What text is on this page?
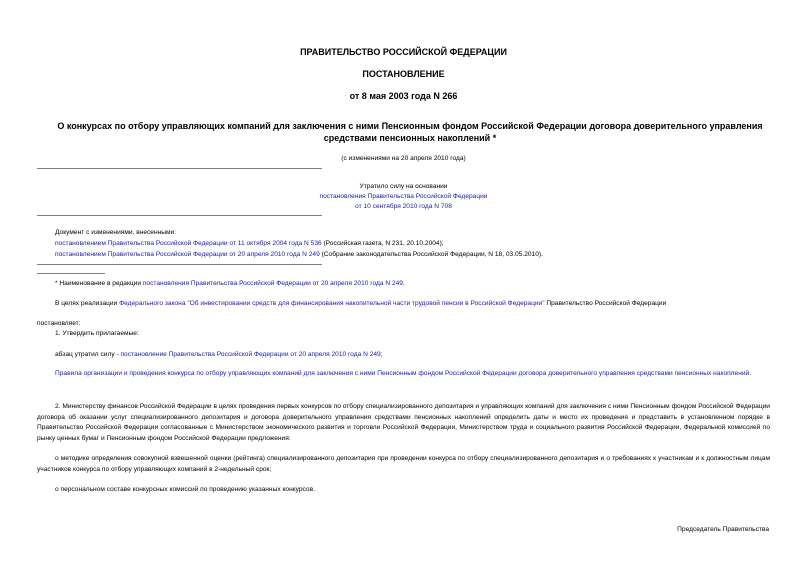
ПРАВИТЕЛЬСТВО РОССИЙСКОЙ ФЕДЕРАЦИИ
ПОСТАНОВЛЕНИЕ
от 8 мая 2003 года N 266
О конкурсах по отбору управляющих компаний для заключения с ними Пенсионным фондом Российской Федерации договора доверительного управления средствами пенсионных накоплений *
(с изменениями на 20 апреля 2010 года)
Утратило силу на основании
постановления Правительства Российской Федерации
от 10 сентября 2010 года N 708
Документ с изменениями, внесенными:
постановлением Правительства Российской Федерации от 11 октября 2004 года N 536 (Российская газета, N 231, 20.10.2004);
постановлением Правительства Российской Федерации от 20 апреля 2010 года N 249 (Собрание законодательства Российской Федерации, N 18, 03.05.2010).
* Наименование в редакции постановления Правительства Российской Федерации от 20 апреля 2010 года N 249.
В целях реализации Федерального закона "Об инвестировании средств для финансирования накопительной части трудовой пенсии в Российской Федерации" Правительство Российской Федерации
постановляет:
1. Утвердить прилагаемые:
абзац утратил силу - постановление Правительства Российской Федерации от 20 апреля 2010 года N 249;
Правила организации и проведения конкурса по отбору управляющих компаний для заключения с ними Пенсионным фондом Российской Федерации договора доверительного управления средствами пенсионных накоплений.
2. Министерству финансов Российской Федерации в целях проведения первых конкурсов по отбору специализированного депозитария и управляющих компаний для заключения с ними Пенсионным фондом Российской Федерации договора об оказании услуг специализированного депозитария и договора доверительного управления средствами пенсионных накоплений определить даты и место их проведения и представить в установленном порядке в Правительство Российской Федерации согласованные с Министерством экономического развития и торговли Российской Федерации, Министерством труда и социального развития Российской Федерации, Федеральной комиссией по рынку ценных бумаг и Пенсионным фондом Российской Федерации предложения:
о методике определения совокупной взвешенной оценки (рейтинга) специализированного депозитария при проведении конкурса по отбору специализированного депозитария и о требованиях к участникам и к должностным лицам участников конкурса по отбору управляющих компаний в 2-недельный срок;
о персональном составе конкурсных комиссий по проведению указанных конкурсов.
Председатель Правительства
